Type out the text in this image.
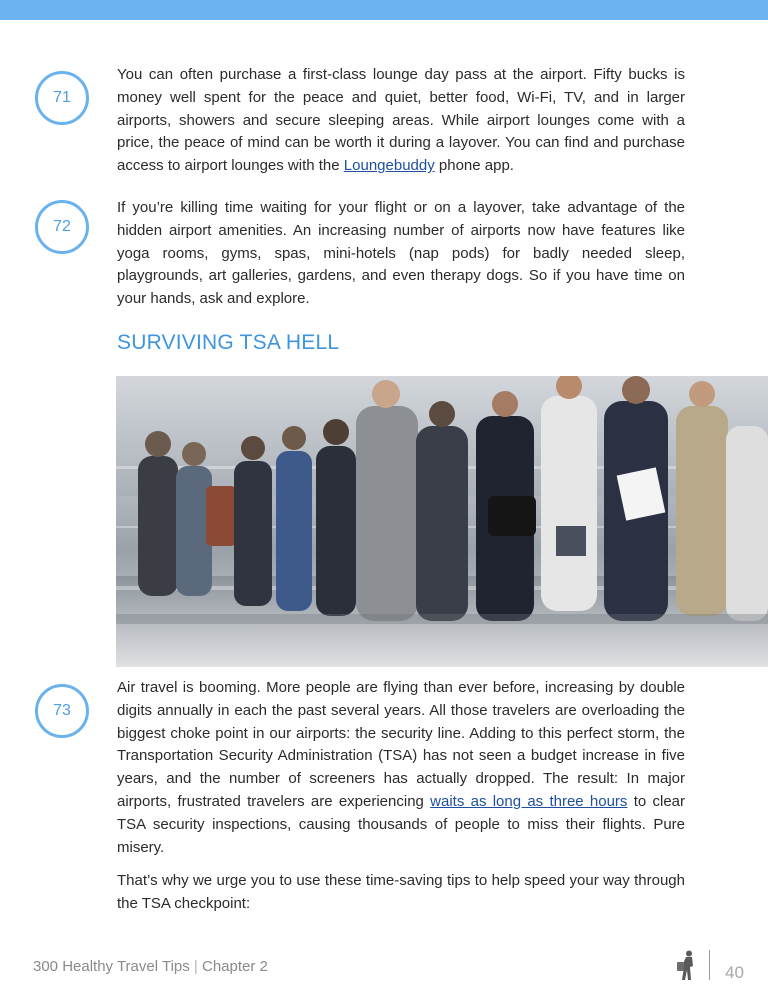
71

You can often purchase a first-class lounge day pass at the airport. Fifty bucks is money well spent for the peace and quiet, better food, Wi-Fi, TV, and in larger airports, showers and secure sleeping areas. While airport lounges come with a price, the peace of mind can be worth it during a layover. You can find and purchase access to airport lounges with the Loungebuddy phone app.

72

If you’re killing time waiting for your flight or on a layover, take advantage of the hidden airport amenities. An increasing number of airports now have features like yoga rooms, gyms, spas, mini-hotels (nap pods) for badly needed sleep, playgrounds, art galleries, gardens, and even therapy dogs. So if you have time on your hands, ask and explore.

SURVIVING TSA HELL
73

Air travel is booming. More people are flying than ever before, increasing by double digits annually in each the past several years. All those travelers are overloading the biggest choke point in our airports: the security line. Adding to this perfect storm, the Transportation Security Administration (TSA) has not seen a budget increase in five years, and the number of screeners has actually dropped. The result: In major airports, frustrated travelers are experiencing waits as long as three hours to clear TSA security inspections, causing thousands of people to miss their flights. Pure misery.

That’s why we urge you to use these time-saving tips to help speed your way through the TSA checkpoint:

300 Healthy Travel Tips | Chapter 2	40
